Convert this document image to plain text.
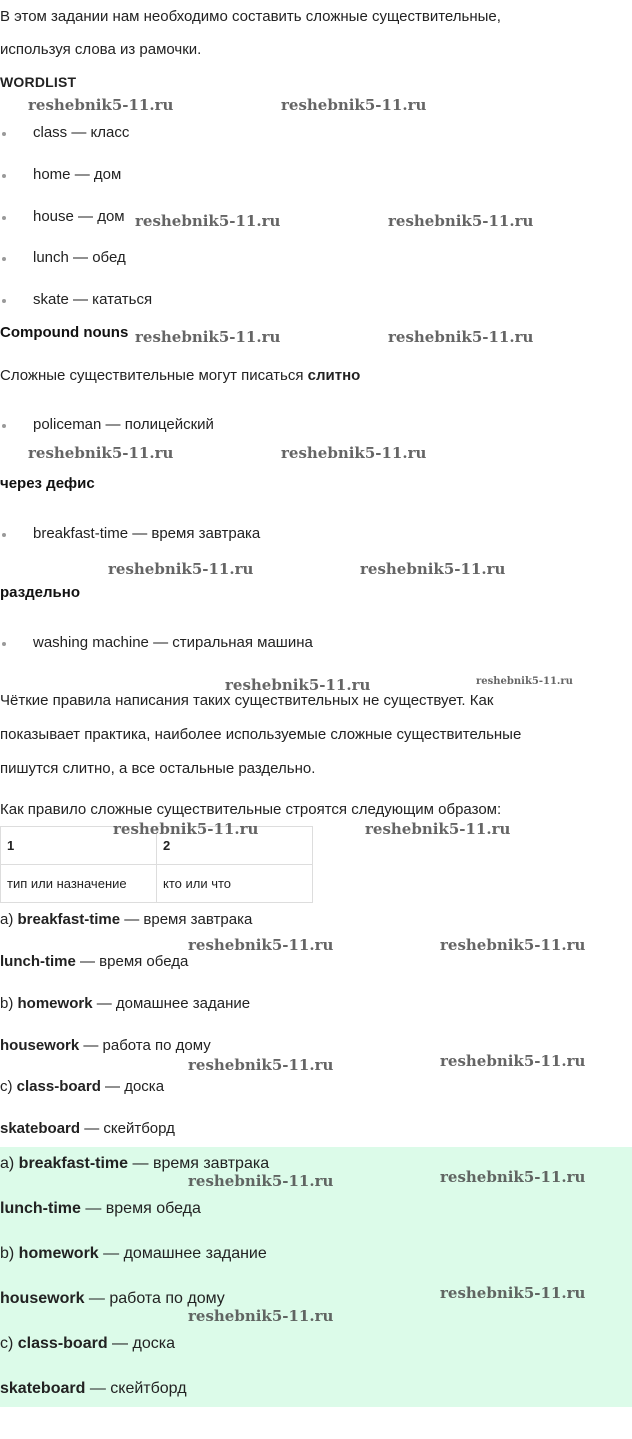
В этом задании нам необходимо составить сложные существительные,
используя слова из рамочки.
WORDLIST
class — класс
home — дом
house — дом
lunch — обед
skate — кататься
Compound nouns
Сложные существительные могут писаться слитно
policeman — полицейский
через дефис
breakfast-time — время завтрака
раздельно
washing machine — стиральная машина
Чёткие правила написания таких существительных не существует. Как
показывает практика, наиболее используемые сложные существительные
пишутся слитно, а все остальные раздельно.
Как правило сложные существительные строятся следующим образом:
1	2
тип или назначение	кто или что
a) breakfast-time — время завтрака
lunch-time — время обеда
b) homework — домашнее задание
housework — работа по дому
c) class-board — доска
skateboard — скейтборд
a) breakfast-time — время завтрака
lunch-time — время обеда
b) homework — домашнее задание
housework — работа по дому
c) class-board — доска
skateboard — скейтборд
reshebnik5-11.ru	reshebnik5-11.ru
reshebnik5-11.ru	reshebnik5-11.ru
reshebnik5-11.ru	reshebnik5-11.ru
reshebnik5-11.ru	reshebnik5-11.ru
reshebnik5-11.ru	reshebnik5-11.ru
reshebnik5-11.ru	reshebnik5-11.ru
reshebnik5-11.ru	reshebnik5-11.ru
reshebnik5-11.ru	reshebnik5-11.ru
reshebnik5-11.ru	reshebnik5-11.ru
reshebnik5-11.ru	reshebnik5-11.ru
reshebnik5-11.ru
reshebnik5-11.ru
